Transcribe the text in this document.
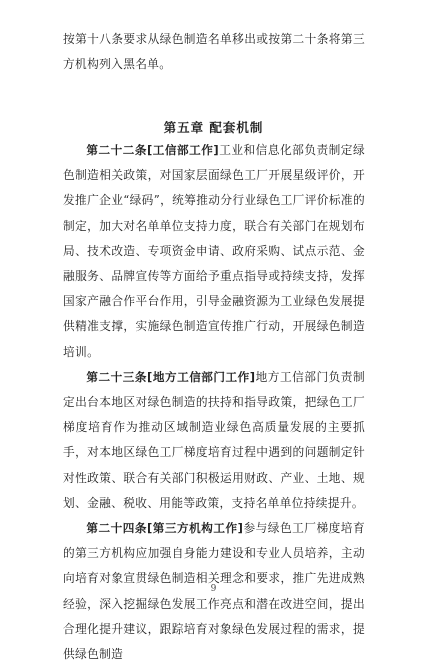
按第十八条要求从绿色制造名单移出或按第二十条将第三方机构列入黑名单。

第五章 配套机制

第二十二条[工信部工作]工业和信息化部负责制定绿色制造相关政策，对国家层面绿色工厂开展星级评价，开发推广企业“绿码”，统筹推动分行业绿色工厂评价标准的制定，加大对名单单位支持力度，联合有关部门在规划布局、技术改造、专项资金申请、政府采购、试点示范、金融服务、品牌宣传等方面给予重点指导或持续支持，发挥国家产融合作平台作用，引导金融资源为工业绿色发展提供精准支撑，实施绿色制造宣传推广行动，开展绿色制造培训。

第二十三条[地方工信部门工作]地方工信部门负责制定出台本地区对绿色制造的扶持和指导政策，把绿色工厂梯度培育作为推动区域制造业绿色高质量发展的主要抓手，对本地区绿色工厂梯度培育过程中遇到的问题制定针对性政策、联合有关部门积极运用财政、产业、土地、规划、金融、税收、用能等政策，支持名单单位持续提升。

第二十四条[第三方机构工作]参与绿色工厂梯度培育的第三方机构应加强自身能力建设和专业人员培养，主动向培育对象宣贯绿色制造相关理念和要求，推广先进成熟经验，深入挖掘绿色发展工作亮点和潜在改进空间，提出合理化提升建议，跟踪培育对象绿色发展过程的需求，提供绿色制造

9
